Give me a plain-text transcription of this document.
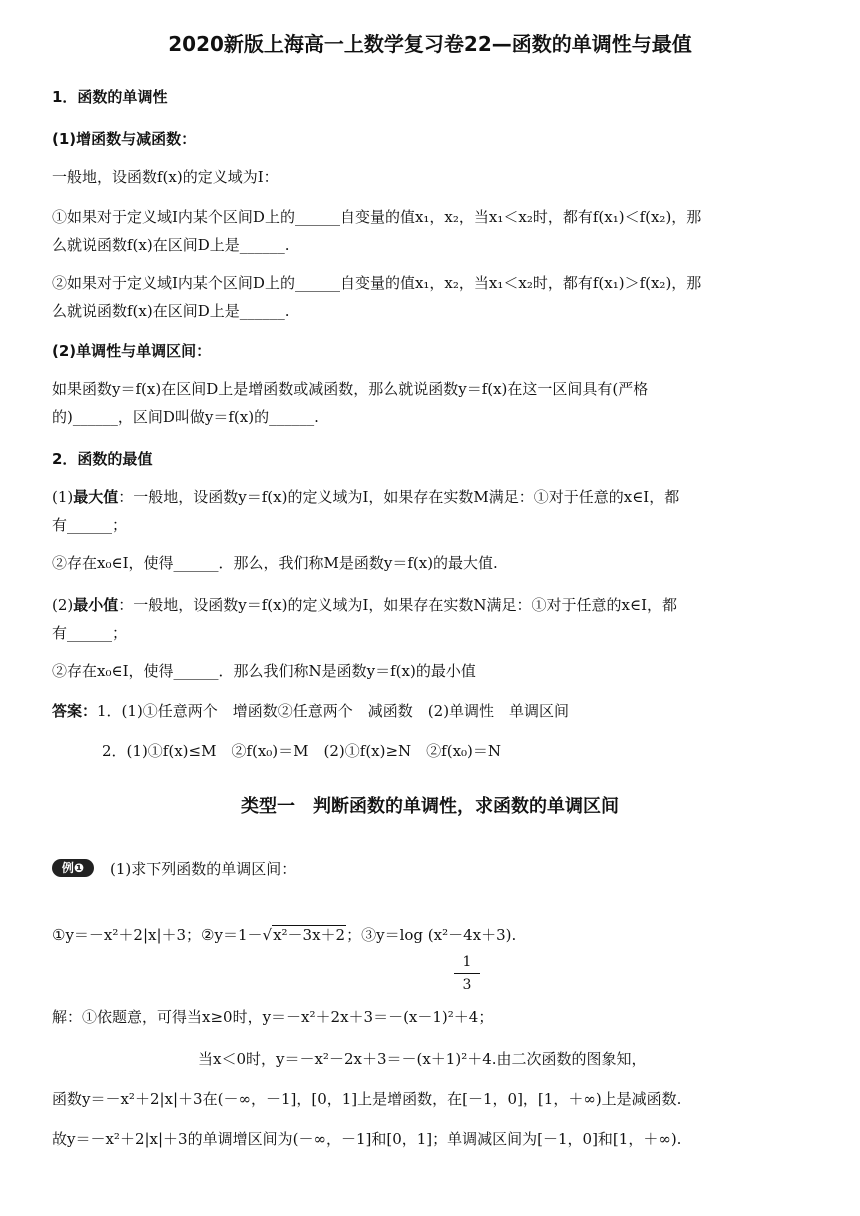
2020新版上海高一上数学复习卷22—函数的单调性与最值
1．函数的单调性
(1)增函数与减函数：
一般地，设函数f(x)的定义域为I：
①如果对于定义域I内某个区间D上的______自变量的值x₁，x₂，当x₁＜x₂时，都有f(x₁)＜f(x₂)，那
么就说函数f(x)在区间D上是______.
②如果对于定义域I内某个区间D上的______自变量的值x₁，x₂，当x₁＜x₂时，都有f(x₁)＞f(x₂)，那
么就说函数f(x)在区间D上是______.
(2)单调性与单调区间：
如果函数y＝f(x)在区间D上是增函数或减函数，那么就说函数y＝f(x)在这一区间具有(严格
的)______，区间D叫做y＝f(x)的______.
2．函数的最值
(1)最大值：一般地，设函数y＝f(x)的定义域为I，如果存在实数M满足：①对于任意的x∈I，都
有______；
②存在x₀∈I，使得______．那么，我们称M是函数y＝f(x)的最大值.
(2)最小值：一般地，设函数y＝f(x)的定义域为I，如果存在实数N满足：①对于任意的x∈I，都
有______；
②存在x₀∈I，使得______．那么我们称N是函数y＝f(x)的最小值
答案：1．(1)①任意两个　增函数②任意两个　减函数　(2)单调性　单调区间
2．(1)①f(x)≤M　②f(x₀)＝M　(2)①f(x)≥N　②f(x₀)＝N
类型一　判断函数的单调性，求函数的单调区间
例❶	(1)求下列函数的单调区间：
①y＝－x²＋2|x|＋3；②y＝1－√x²－3x＋2；③y＝log (x²－4x＋3).
1
3
解：①依题意，可得当x≥0时，y＝－x²＋2x＋3＝－(x－1)²＋4；
当x＜0时，y＝－x²－2x＋3＝－(x＋1)²＋4.由二次函数的图象知，
函数y＝－x²＋2|x|＋3在(－∞，－1]，[0，1]上是增函数，在[－1，0]，[1，＋∞)上是减函数.
故y＝－x²＋2|x|＋3的单调增区间为(－∞，－1]和[0，1]；单调减区间为[－1，0]和[1，＋∞).
